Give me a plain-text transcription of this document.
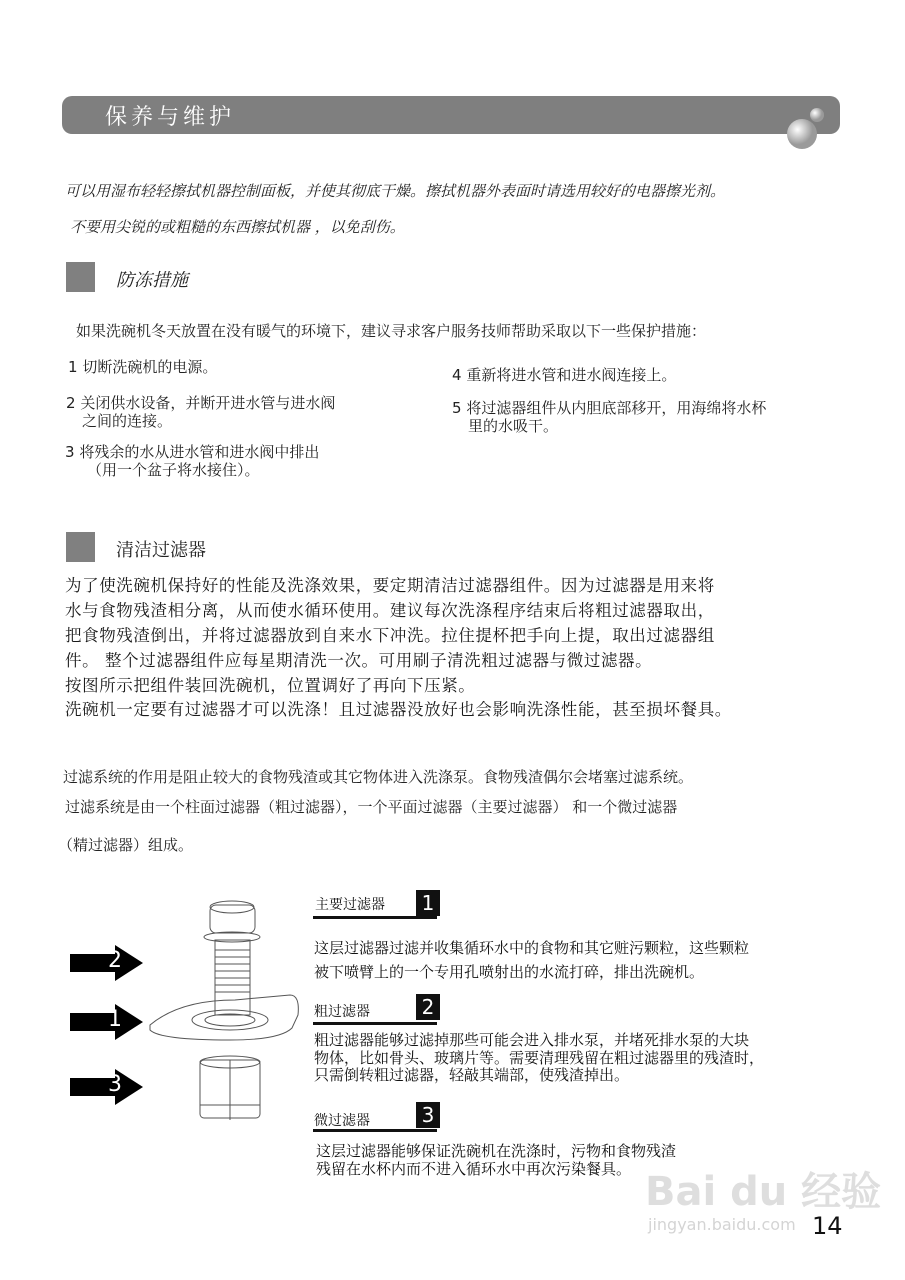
保养与维护
可以用湿布轻轻擦拭机器控制面板，并使其彻底干燥。擦拭机器外表面时请选用较好的电器擦光剂。
不要用尖锐的或粗糙的东西擦拭机器 ，以免刮伤。
防冻措施
如果洗碗机冬天放置在没有暖气的环境下，建议寻求客户服务技师帮助采取以下一些保护措施：
1 切断洗碗机的电源。
2 关闭供水设备，并断开进水管与进水阀
之间的连接。
3 将残余的水从进水管和进水阀中排出
（用一个盆子将水接住）。
4 重新将进水管和进水阀连接上。
5 将过滤器组件从内胆底部移开，用海绵将水杯
里的水吸干。
清洁过滤器
为了使洗碗机保持好的性能及洗涤效果，要定期清洁过滤器组件。因为过滤器是用来将
水与食物残渣相分离，从而使水循环使用。建议每次洗涤程序结束后将粗过滤器取出，
把食物残渣倒出，并将过滤器放到自来水下冲洗。拉住提杯把手向上提，取出过滤器组
件。 整个过滤器组件应每星期清洗一次。可用刷子清洗粗过滤器与微过滤器。
按图所示把组件装回洗碗机，位置调好了再向下压紧。
洗碗机一定要有过滤器才可以洗涤！且过滤器没放好也会影响洗涤性能，甚至损坏餐具。
过滤系统的作用是阻止较大的食物残渣或其它物体进入洗涤泵。食物残渣偶尔会堵塞过滤系统。
过滤系统是由一个柱面过滤器（粗过滤器），一个平面过滤器（主要过滤器） 和一个微过滤器
（精过滤器）组成。
2
1
3
主要过滤器 1
这层过滤器过滤并收集循环水中的食物和其它赃污颗粒，这些颗粒
被下喷臂上的一个专用孔喷射出的水流打碎，排出洗碗机。
粗过滤器	2
粗过滤器能够过滤掉那些可能会进入排水泵，并堵死排水泵的大块
物体，比如骨头、玻璃片等。需要清理残留在粗过滤器里的残渣时，
只需倒转粗过滤器，轻敲其端部，使残渣掉出。
微过滤器	3
这层过滤器能够保证洗碗机在洗涤时，污物和食物残渣
残留在水杯内而不进入循环水中再次污染餐具。
Bai du 经验
jingyan.baidu.com 14
